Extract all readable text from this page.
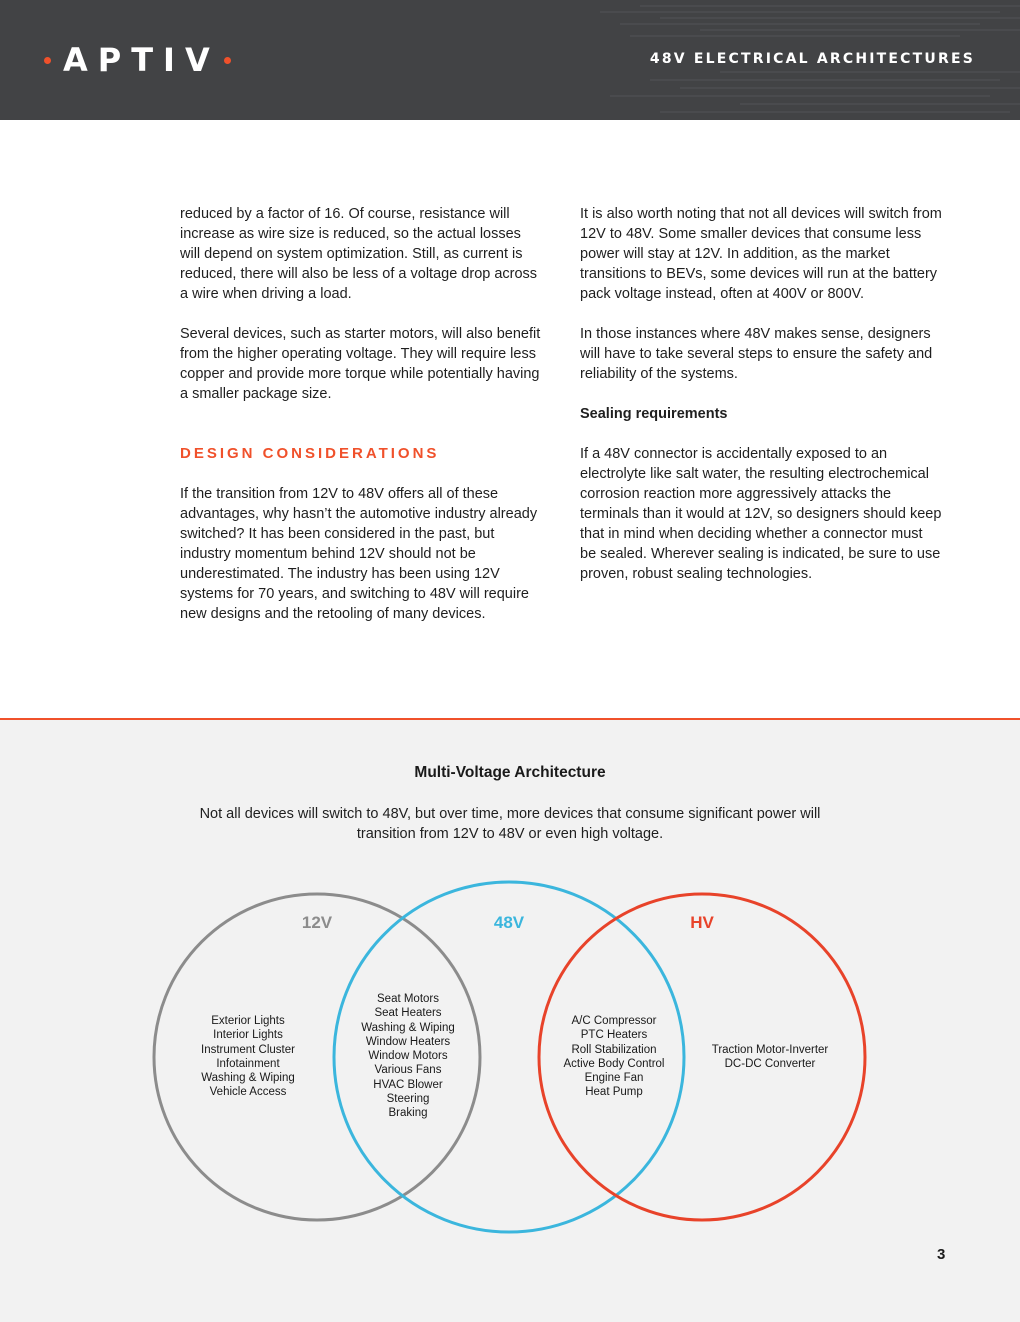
APTIV	48V ELECTRICAL ARCHITECTURES

reduced by a factor of 16. Of course, resistance will increase as wire size is reduced, so the actual losses will depend on system optimization. Still, as current is reduced, there will also be less of a voltage drop across a wire when driving a load.

Several devices, such as starter motors, will also benefit from the higher operating voltage. They will require less copper and provide more torque while potentially having a smaller package size.

DESIGN CONSIDERATIONS

If the transition from 12V to 48V offers all of these advantages, why hasn’t the automotive industry already switched? It has been considered in the past, but industry momentum behind 12V should not be underestimated. The industry has been using 12V systems for 70 years, and switching to 48V will require new designs and the retooling of many devices.

It is also worth noting that not all devices will switch from 12V to 48V. Some smaller devices that consume less power will stay at 12V. In addition, as the market transitions to BEVs, some devices will run at the battery pack voltage instead, often at 400V or 800V.

In those instances where 48V makes sense, designers will have to take several steps to ensure the safety and reliability of the systems.

Sealing requirements

If a 48V connector is accidentally exposed to an electrolyte like salt water, the resulting electrochemical corrosion reaction more aggressively attacks the terminals than it would at 12V, so designers should keep that in mind when deciding whether a connector must be sealed. Wherever sealing is indicated, be sure to use proven, robust sealing technologies.

Multi-Voltage Architecture
Not all devices will switch to 48V, but over time, more devices that consume significant power will transition from 12V to 48V or even high voltage.
12V	48V	HV
Exterior Lights
Interior Lights
Instrument Cluster
Infotainment
Washing & Wiping
Vehicle Access
Seat Motors
Seat Heaters
Washing & Wiping
Window Heaters
Window Motors
Various Fans
HVAC Blower
Steering
Braking
A/C Compressor
PTC Heaters
Roll Stabilization
Active Body Control
Engine Fan
Heat Pump
Traction Motor-Inverter
DC-DC Converter
3
